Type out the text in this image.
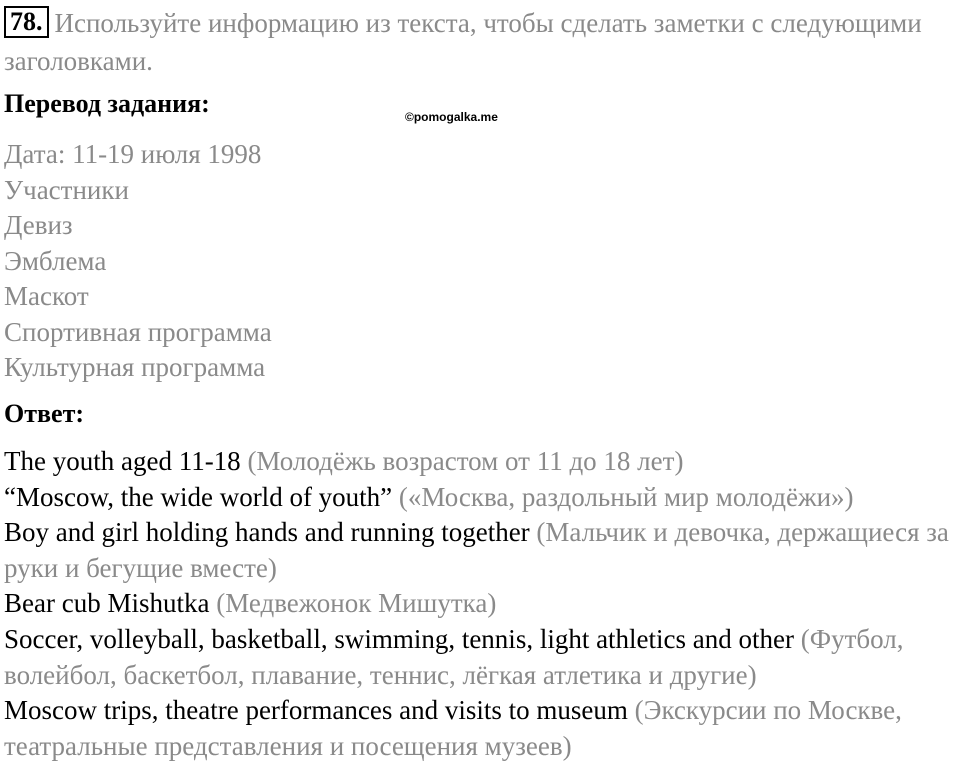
78. Используйте информацию из текста, чтобы сделать заметки с следующими заголовками.
Перевод задания:	©pomogalka.me
Дата: 11-19 июля 1998
Участники
Девиз
Эмблема
Маскот
Спортивная программа
Культурная программа
Ответ:
The youth aged 11-18 (Молодёжь возрастом от 11 до 18 лет)
“Moscow, the wide world of youth” («Москва, раздольный мир молодёжи»)
Boy and girl holding hands and running together (Мальчик и девочка, держащиеся за руки и бегущие вместе)
Bear cub Mishutka (Медвежонок Мишутка)
Soccer, volleyball, basketball, swimming, tennis, light athletics and other (Футбол, волейбол, баскетбол, плавание, теннис, лёгкая атлетика и другие)
Moscow trips, theatre performances and visits to museum (Экскурсии по Москве, театральные представления и посещения музеев)
